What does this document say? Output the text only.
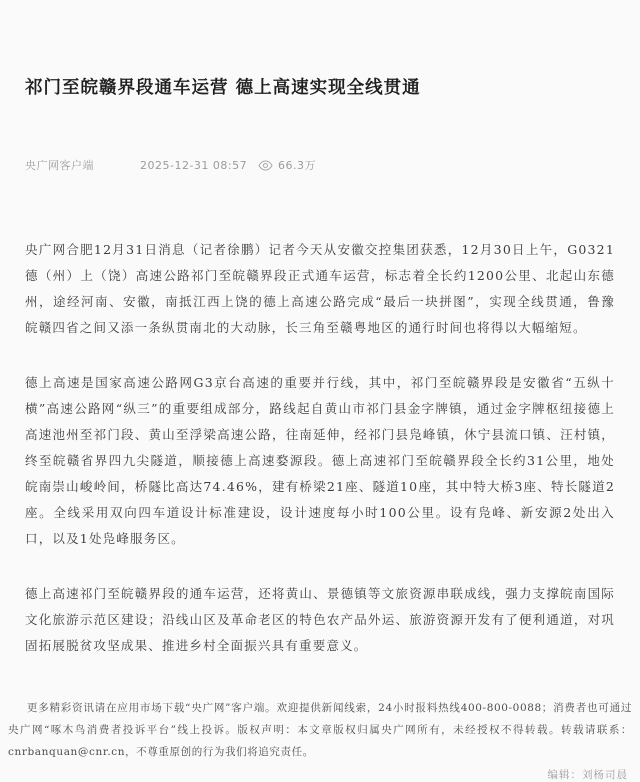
祁门至皖赣界段通车运营 德上高速实现全线贯通
央广网客户端	2025-12-31 08:57	66.3万

央广网合肥12月31日消息（记者徐鹏）记者今天从安徽交控集团获悉，12月30日上午，G0321德（州）上（饶）高速公路祁门至皖赣界段正式通车运营，标志着全长约1200公里、北起山东德州，途经河南、安徽，南抵江西上饶的德上高速公路完成“最后一块拼图”，实现全线贯通，鲁豫皖赣四省之间又添一条纵贯南北的大动脉，长三角至赣粤地区的通行时间也将得以大幅缩短。

德上高速是国家高速公路网G3京台高速的重要并行线，其中，祁门至皖赣界段是安徽省“五纵十横”高速公路网“纵三”的重要组成部分，路线起自黄山市祁门县金字牌镇，通过金字牌枢纽接德上高速池州至祁门段、黄山至浮梁高速公路，往南延伸，经祁门县凫峰镇，休宁县流口镇、汪村镇，终至皖赣省界四九尖隧道，顺接德上高速婺源段。德上高速祁门至皖赣界段全长约31公里，地处皖南崇山峻岭间，桥隧比高达74.46%，建有桥梁21座、隧道10座，其中特大桥3座、特长隧道2座。全线采用双向四车道设计标准建设，设计速度每小时100公里。设有凫峰、新安源2处出入口，以及1处凫峰服务区。

德上高速祁门至皖赣界段的通车运营，还将黄山、景德镇等文旅资源串联成线，强力支撑皖南国际文化旅游示范区建设；沿线山区及革命老区的特色农产品外运、旅游资源开发有了便利通道，对巩固拓展脱贫攻坚成果、推进乡村全面振兴具有重要意义。

更多精彩资讯请在应用市场下载“央广网”客户端。欢迎提供新闻线索，24小时报料热线400-800-0088；消费者也可通过央广网“啄木鸟消费者投诉平台”线上投诉。版权声明：本文章版权归属央广网所有，未经授权不得转载。转载请联系：cnrbanquan@cnr.cn，不尊重原创的行为我们将追究责任。

编辑：刘杨司晨
